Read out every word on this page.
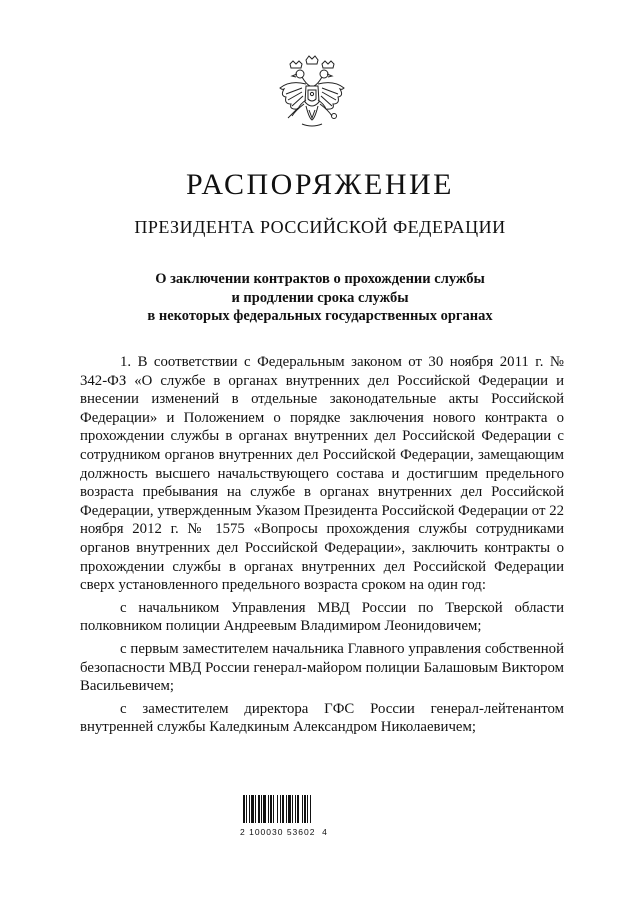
РАСПОРЯЖЕНИЕ
ПРЕЗИДЕНТА РОССИЙСКОЙ ФЕДЕРАЦИИ
О заключении контрактов о прохождении службы
и продлении срока службы
в некоторых федеральных государственных органах

1. В соответствии с Федеральным законом от 30 ноября 2011 г. № 342-ФЗ «О службе в органах внутренних дел Российской Федерации и внесении изменений в отдельные законодательные акты Российской Федерации» и Положением о порядке заключения нового контракта о прохождении службы в органах внутренних дел Российской Федерации с сотрудником органов внутренних дел Российской Федерации, замещающим должность высшего начальствующего состава и достигшим предельного возраста пребывания на службе в органах внутренних дел Российской Федерации, утвержденным Указом Президента Российской Федерации от 22 ноября 2012 г. № 1575 «Вопросы прохождения службы сотрудниками органов внутренних дел Российской Федерации», заключить контракты о прохождении службы в органах внутренних дел Российской Федерации сверх установленного предельного возраста сроком на один год:

с начальником Управления МВД России по Тверской области полковником полиции Андреевым Владимиром Леонидовичем;

с первым заместителем начальника Главного управления собственной безопасности МВД России генерал-майором полиции Балашовым Виктором Васильевичем;

с заместителем директора ГФС России генерал-лейтенантом внутренней службы Каледкиным Александром Николаевичем;

2 100030 53602  4
